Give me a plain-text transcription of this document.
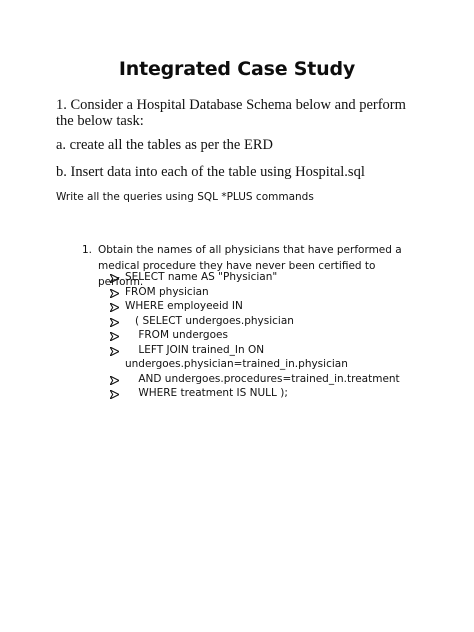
Integrated Case Study
1. Consider a Hospital Database Schema below and perform the below task:
a. create all the tables as per the ERD
b. Insert data into each of the table using Hospital.sql
Write all the queries using SQL *PLUS commands
1. Obtain the names of all physicians that have performed a medical procedure they have never been certified to perform.

SELECT name AS "Physician"

FROM physician

WHERE employeeid IN

( SELECT undergoes.physician

FROM undergoes

LEFT JOIN trained_In ON

undergoes.physician=trained_in.physician

AND undergoes.procedures=trained_in.treatment

WHERE treatment IS NULL );
